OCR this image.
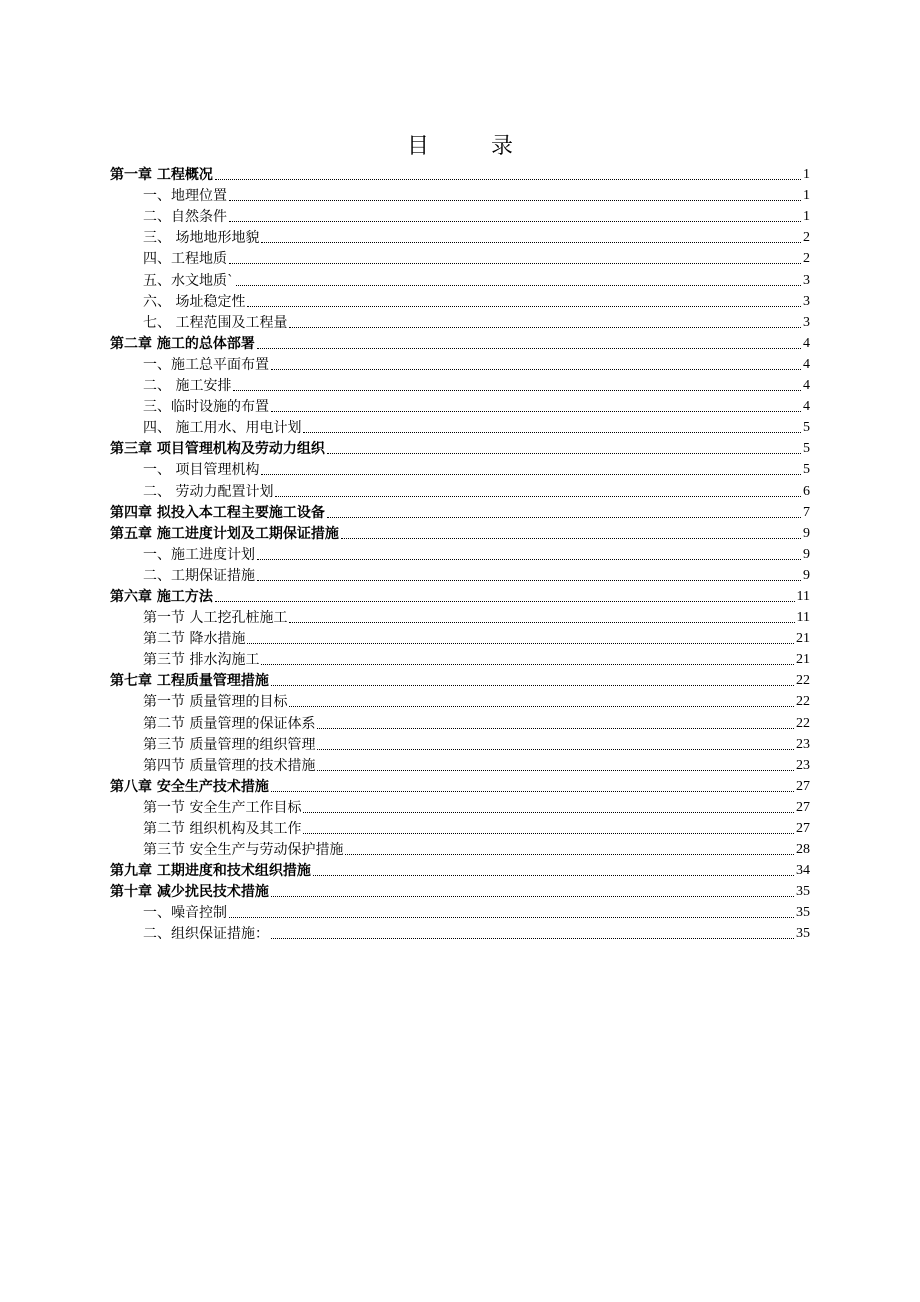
目	录
第一章 工程概况	1
一、地理位置	1
二、自然条件	1
三、 场地地形地貌	2
四、工程地质	2
五、水文地质`	3
六、 场址稳定性	3
七、 工程范围及工程量	3
第二章 施工的总体部署	4
一、施工总平面布置	4
二、 施工安排	4
三、临时设施的布置	4
四、 施工用水、用电计划	5
第三章 项目管理机构及劳动力组织	5
一、 项目管理机构	5
二、 劳动力配置计划	6
第四章 拟投入本工程主要施工设备	7
第五章 施工进度计划及工期保证措施	9
一、施工进度计划	9
二、工期保证措施	9
第六章 施工方法	11
第一节 人工挖孔桩施工	11
第二节 降水措施	21
第三节 排水沟施工	21
第七章 工程质量管理措施	22
第一节 质量管理的目标	22
第二节 质量管理的保证体系	22
第三节 质量管理的组织管理	23
第四节 质量管理的技术措施	23
第八章 安全生产技术措施	27
第一节 安全生产工作目标	27
第二节 组织机构及其工作	27
第三节 安全生产与劳动保护措施	28
第九章 工期进度和技术组织措施	34
第十章 减少扰民技术措施	35
一、噪音控制	35
二、组织保证措施：	35
